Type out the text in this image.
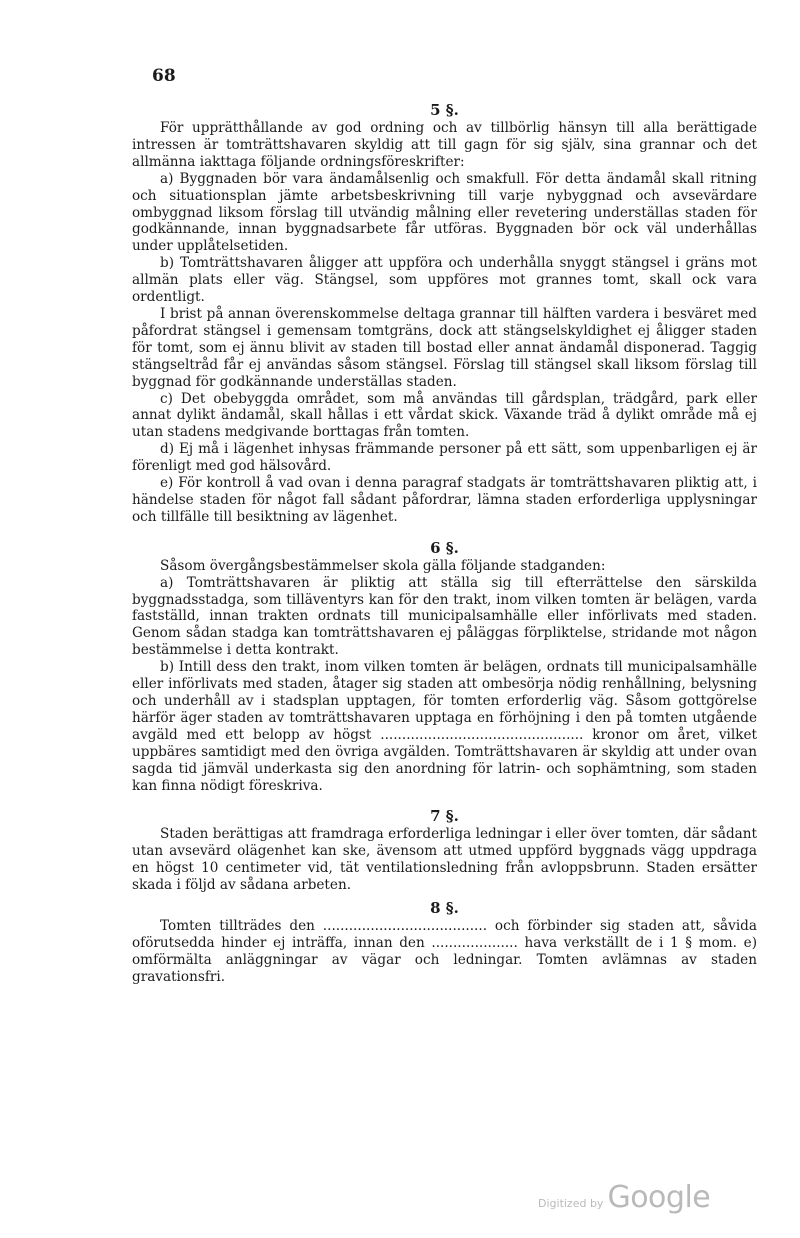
68
5 §.

För upprätthållande av god ordning och av tillbörlig hänsyn till alla berättigade intressen är tomträttshavaren skyldig att till gagn för sig själv, sina grannar och det allmänna iakttaga följande ordningsföreskrifter:

a) Byggnaden bör vara ändamålsenlig och smakfull. För detta ändamål skall ritning och situationsplan jämte arbetsbeskrivning till varje nybyggnad och avsevärdare ombyggnad liksom förslag till utvändig målning eller revetering underställas staden för godkännande, innan byggnadsarbete får utföras. Byggnaden bör ock väl underhållas under upplåtelsetiden.

b) Tomträttshavaren åligger att uppföra och underhålla snyggt stängsel i gräns mot allmän plats eller väg. Stängsel, som uppföres mot grannes tomt, skall ock vara ordentligt.

I brist på annan överenskommelse deltaga grannar till hälften vardera i besväret med påfordrat stängsel i gemensam tomtgräns, dock att stängselskyldighet ej åligger staden för tomt, som ej ännu blivit av staden till bostad eller annat ändamål disponerad. Taggig stängseltråd får ej användas såsom stängsel. Förslag till stängsel skall liksom förslag till byggnad för godkännande underställas staden.

c) Det obebyggda området, som må användas till gårdsplan, trädgård, park eller annat dylikt ändamål, skall hållas i ett vårdat skick. Växande träd å dylikt område må ej utan stadens medgivande borttagas från tomten.

d) Ej må i lägenhet inhysas främmande personer på ett sätt, som uppenbarligen ej är förenligt med god hälsovård.

e) För kontroll å vad ovan i denna paragraf stadgats är tomträttshavaren pliktig att, i händelse staden för något fall sådant påfordrar, lämna staden erforderliga upplysningar och tillfälle till besiktning av lägenhet.

6 §.

Såsom övergångsbestämmelser skola gälla följande stadganden:

a) Tomträttshavaren är pliktig att ställa sig till efterrättelse den särskilda byggnadsstadga, som tilläventyrs kan för den trakt, inom vilken tomten är belägen, varda fastställd, innan trakten ordnats till municipalsamhälle eller införlivats med staden. Genom sådan stadga kan tomträttshavaren ej påläggas förpliktelse, stridande mot någon bestämmelse i detta kontrakt.

b) Intill dess den trakt, inom vilken tomten är belägen, ordnats till municipalsamhälle eller införlivats med staden, åtager sig staden att ombesörja nödig renhållning, belysning och underhåll av i stadsplan upptagen, för tomten erforderlig väg. Såsom gottgörelse härför äger staden av tomträttshavaren upptaga en förhöjning i den på tomten utgående avgäld med ett belopp av högst ............................................... kronor om året, vilket uppbäres samtidigt med den övriga avgälden. Tomträttshavaren är skyldig att under ovan sagda tid jämväl underkasta sig den anordning för latrin- och sophämtning, som staden kan finna nödigt föreskriva.

7 §.

Staden berättigas att framdraga erforderliga ledningar i eller över tomten, där sådant utan avsevärd olägenhet kan ske, ävensom att utmed uppförd byggnads vägg uppdraga en högst 10 centimeter vid, tät ventilationsledning från avloppsbrunn. Staden ersätter skada i följd av sådana arbeten.

8 §.

Tomten tillträdes den ...................................... och förbinder sig staden att, såvida oförutsedda hinder ej inträffa, innan den .................... hava verkställt de i 1 § mom. e) omförmälta anläggningar av vägar och ledningar. Tomten avlämnas av staden gravationsfri.

Digitized by Google
